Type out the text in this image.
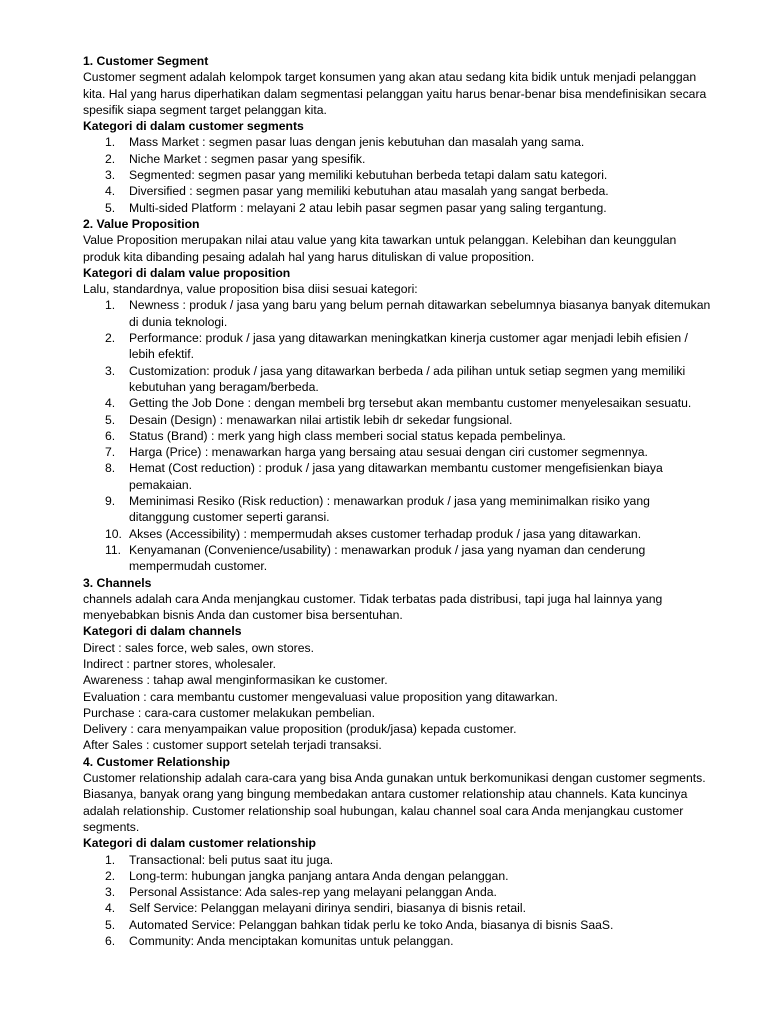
1. Customer Segment

Customer segment adalah kelompok target konsumen yang akan atau sedang kita bidik untuk menjadi pelanggan kita. Hal yang harus diperhatikan dalam segmentasi pelanggan yaitu harus benar-benar bisa mendefinisikan secara spesifik siapa segment target pelanggan kita.

Kategori di dalam customer segments
1.	Mass Market : segmen pasar luas dengan jenis kebutuhan dan masalah yang sama.
2.	Niche Market : segmen pasar yang spesifik.
3.	Segmented: segmen pasar yang memiliki kebutuhan berbeda tetapi dalam satu kategori.
4.	Diversified : segmen pasar yang memiliki kebutuhan atau masalah yang sangat berbeda.
5.	Multi-sided Platform : melayani 2 atau lebih pasar segmen pasar yang saling tergantung.
2. Value Proposition

Value Proposition merupakan nilai atau value yang kita tawarkan untuk pelanggan. Kelebihan dan keunggulan produk kita dibanding pesaing adalah hal yang harus dituliskan di value proposition.

Kategori di dalam value proposition
Lalu, standardnya, value proposition bisa diisi sesuai kategori:
1.	Newness : produk / jasa yang baru yang belum pernah ditawarkan sebelumnya biasanya banyak ditemukan di dunia teknologi.
2.	Performance: produk / jasa yang ditawarkan meningkatkan kinerja customer agar menjadi lebih efisien / lebih efektif.
3.	Customization: produk / jasa yang ditawarkan berbeda / ada pilihan untuk setiap segmen yang memiliki kebutuhan yang beragam/berbeda.
4.	Getting the Job Done : dengan membeli brg tersebut akan membantu customer menyelesaikan sesuatu.
5.	Desain (Design) : menawarkan nilai artistik lebih dr sekedar fungsional.
6.	Status (Brand) : merk yang high class memberi social status kepada pembelinya.
7.	Harga (Price) : menawarkan harga yang bersaing atau sesuai dengan ciri customer segmennya.
8.	Hemat (Cost reduction) : produk / jasa yang ditawarkan membantu customer mengefisienkan biaya pemakaian.
9.	Meminimasi Resiko (Risk reduction) : menawarkan produk / jasa yang meminimalkan risiko yang ditanggung customer seperti garansi.
10. Akses (Accessibility) : mempermudah akses customer terhadap produk / jasa yang ditawarkan.
11. Kenyamanan (Convenience/usability) : menawarkan produk / jasa yang nyaman dan cenderung mempermudah customer.
3. Channels

channels adalah cara Anda menjangkau customer. Tidak terbatas pada distribusi, tapi juga hal lainnya yang menyebabkan bisnis Anda dan customer bisa bersentuhan.

Kategori di dalam channels
Direct : sales force, web sales, own stores.
Indirect : partner stores, wholesaler.
Awareness : tahap awal menginformasikan ke customer.
Evaluation : cara membantu customer mengevaluasi value proposition yang ditawarkan.
Purchase : cara-cara customer melakukan pembelian.
Delivery : cara menyampaikan value proposition (produk/jasa) kepada customer.
After Sales : customer support setelah terjadi transaksi.
4. Customer Relationship

Customer relationship adalah cara-cara yang bisa Anda gunakan untuk berkomunikasi dengan customer segments. Biasanya, banyak orang yang bingung membedakan antara customer relationship atau channels. Kata kuncinya adalah relationship. Customer relationship soal hubungan, kalau channel soal cara Anda menjangkau customer segments.

Kategori di dalam customer relationship
1.	Transactional: beli putus saat itu juga.
2.	Long-term: hubungan jangka panjang antara Anda dengan pelanggan.
3.	Personal Assistance: Ada sales-rep yang melayani pelanggan Anda.
4.	Self Service: Pelanggan melayani dirinya sendiri, biasanya di bisnis retail.
5.	Automated Service: Pelanggan bahkan tidak perlu ke toko Anda, biasanya di bisnis SaaS.
6.	Community: Anda menciptakan komunitas untuk pelanggan.
